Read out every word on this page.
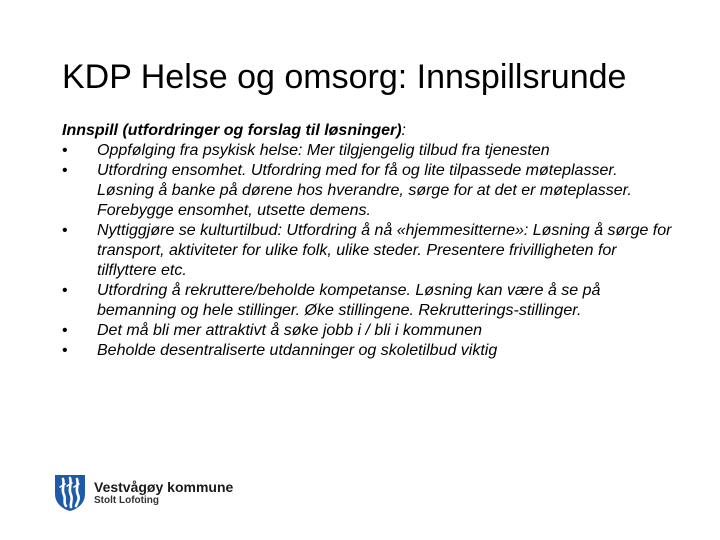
KDP Helse og omsorg: Innspillsrunde

Innspill (utfordringer og forslag til løsninger):

• Oppfølging fra psykisk helse: Mer tilgjengelig tilbud fra tjenesten
• Utfordring ensomhet. Utfordring med for få og lite tilpassede møteplasser. Løsning å banke på dørene hos hverandre, sørge for at det er møteplasser. Forebygge ensomhet, utsette demens.
• Nyttiggjøre se kulturtilbud: Utfordring å nå «hjemmesitterne»: Løsning å sørge for transport, aktiviteter for ulike folk, ulike steder. Presentere frivilligheten for tilflyttere etc.
• Utfordring å rekruttere/beholde kompetanse. Løsning kan være å se på bemanning og hele stillinger. Øke stillingene. Rekrutterings-stillinger.
• Det må bli mer attraktivt å søke jobb i / bli i kommunen
• Beholde desentraliserte utdanninger og skoletilbud viktig
Vestvågøy kommune
Stolt Lofoting
